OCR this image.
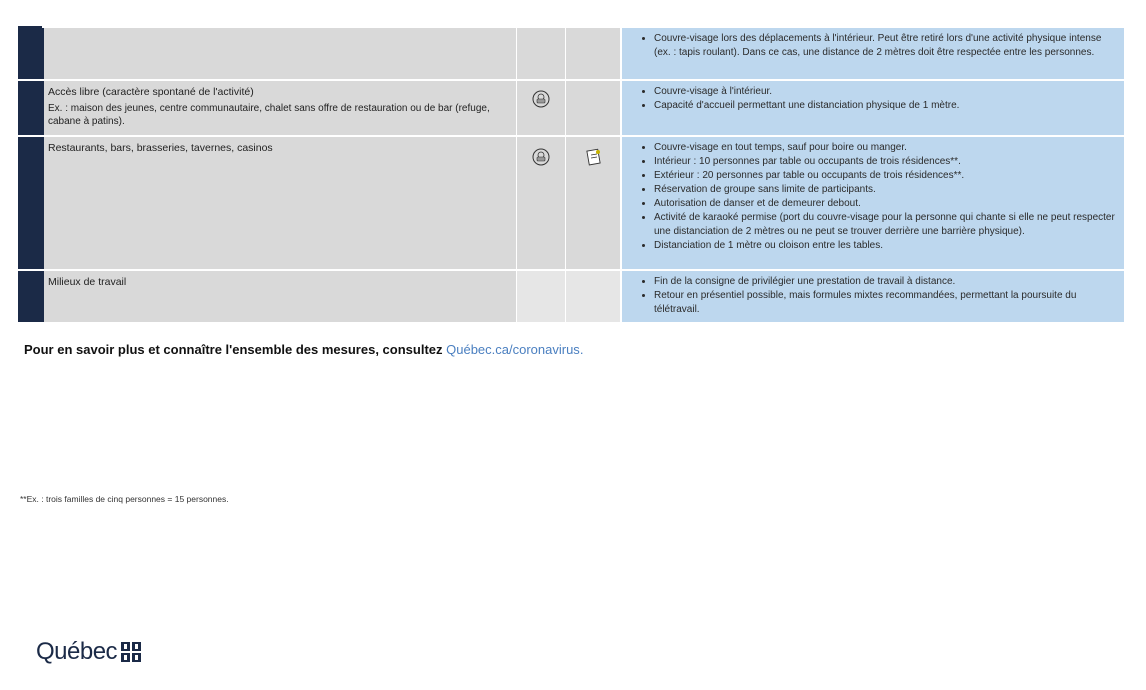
• Couvre-visage lors des déplacements à l'intérieur. Peut être retiré lors d'une activité physique intense (ex. : tapis roulant). Dans ce cas, une distance de 2 mètres doit être respectée entre les personnes.
Accès libre (caractère spontané de l'activité)
Ex. : maison des jeunes, centre communautaire, chalet sans offre de restauration ou de bar (refuge, cabane à patins).
• Couvre-visage à l'intérieur.
• Capacité d'accueil permettant une distanciation physique de 1 mètre.
Restaurants, bars, brasseries, tavernes, casinos	• Couvre-visage en tout temps, sauf pour boire ou manger.
• Intérieur : 10 personnes par table ou occupants de trois résidences**.
• Extérieur : 20 personnes par table ou occupants de trois résidences**.
• Réservation de groupe sans limite de participants.
• Autorisation de danser et de demeurer debout.
• Activité de karaoké permise (port du couvre-visage pour la personne qui chante si elle ne peut respecter une distanciation de 2 mètres ou ne peut se trouver derrière une barrière physique).
• Distanciation de 1 mètre ou cloison entre les tables.
Milieux de travail	• Fin de la consigne de privilégier une prestation de travail à distance.
• Retour en présentiel possible, mais formules mixtes recommandées, permettant la poursuite du télétravail.
Pour en savoir plus et connaître l'ensemble des mesures, consultez Québec.ca/coronavirus.
**Ex. : trois familles de cinq personnes = 15 personnes.
Québec
